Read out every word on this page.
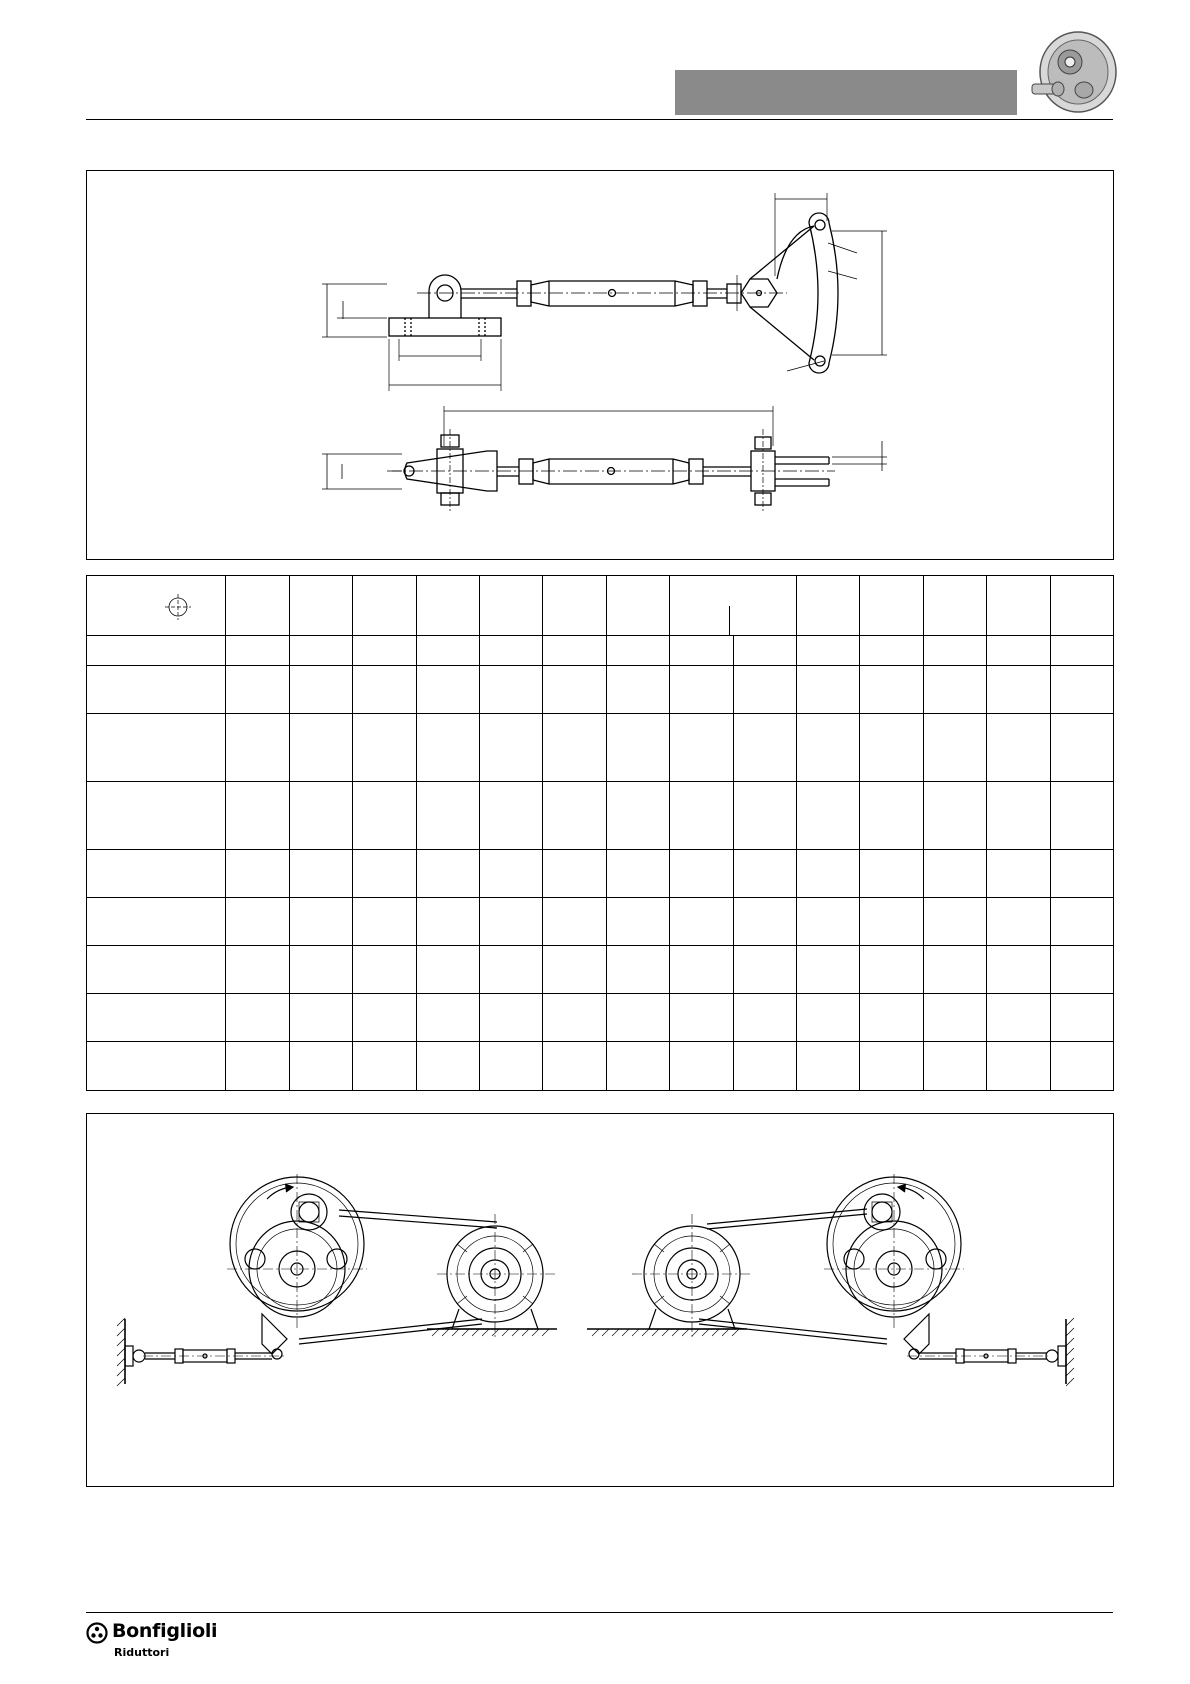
Bonfiglioli
Riduttori
